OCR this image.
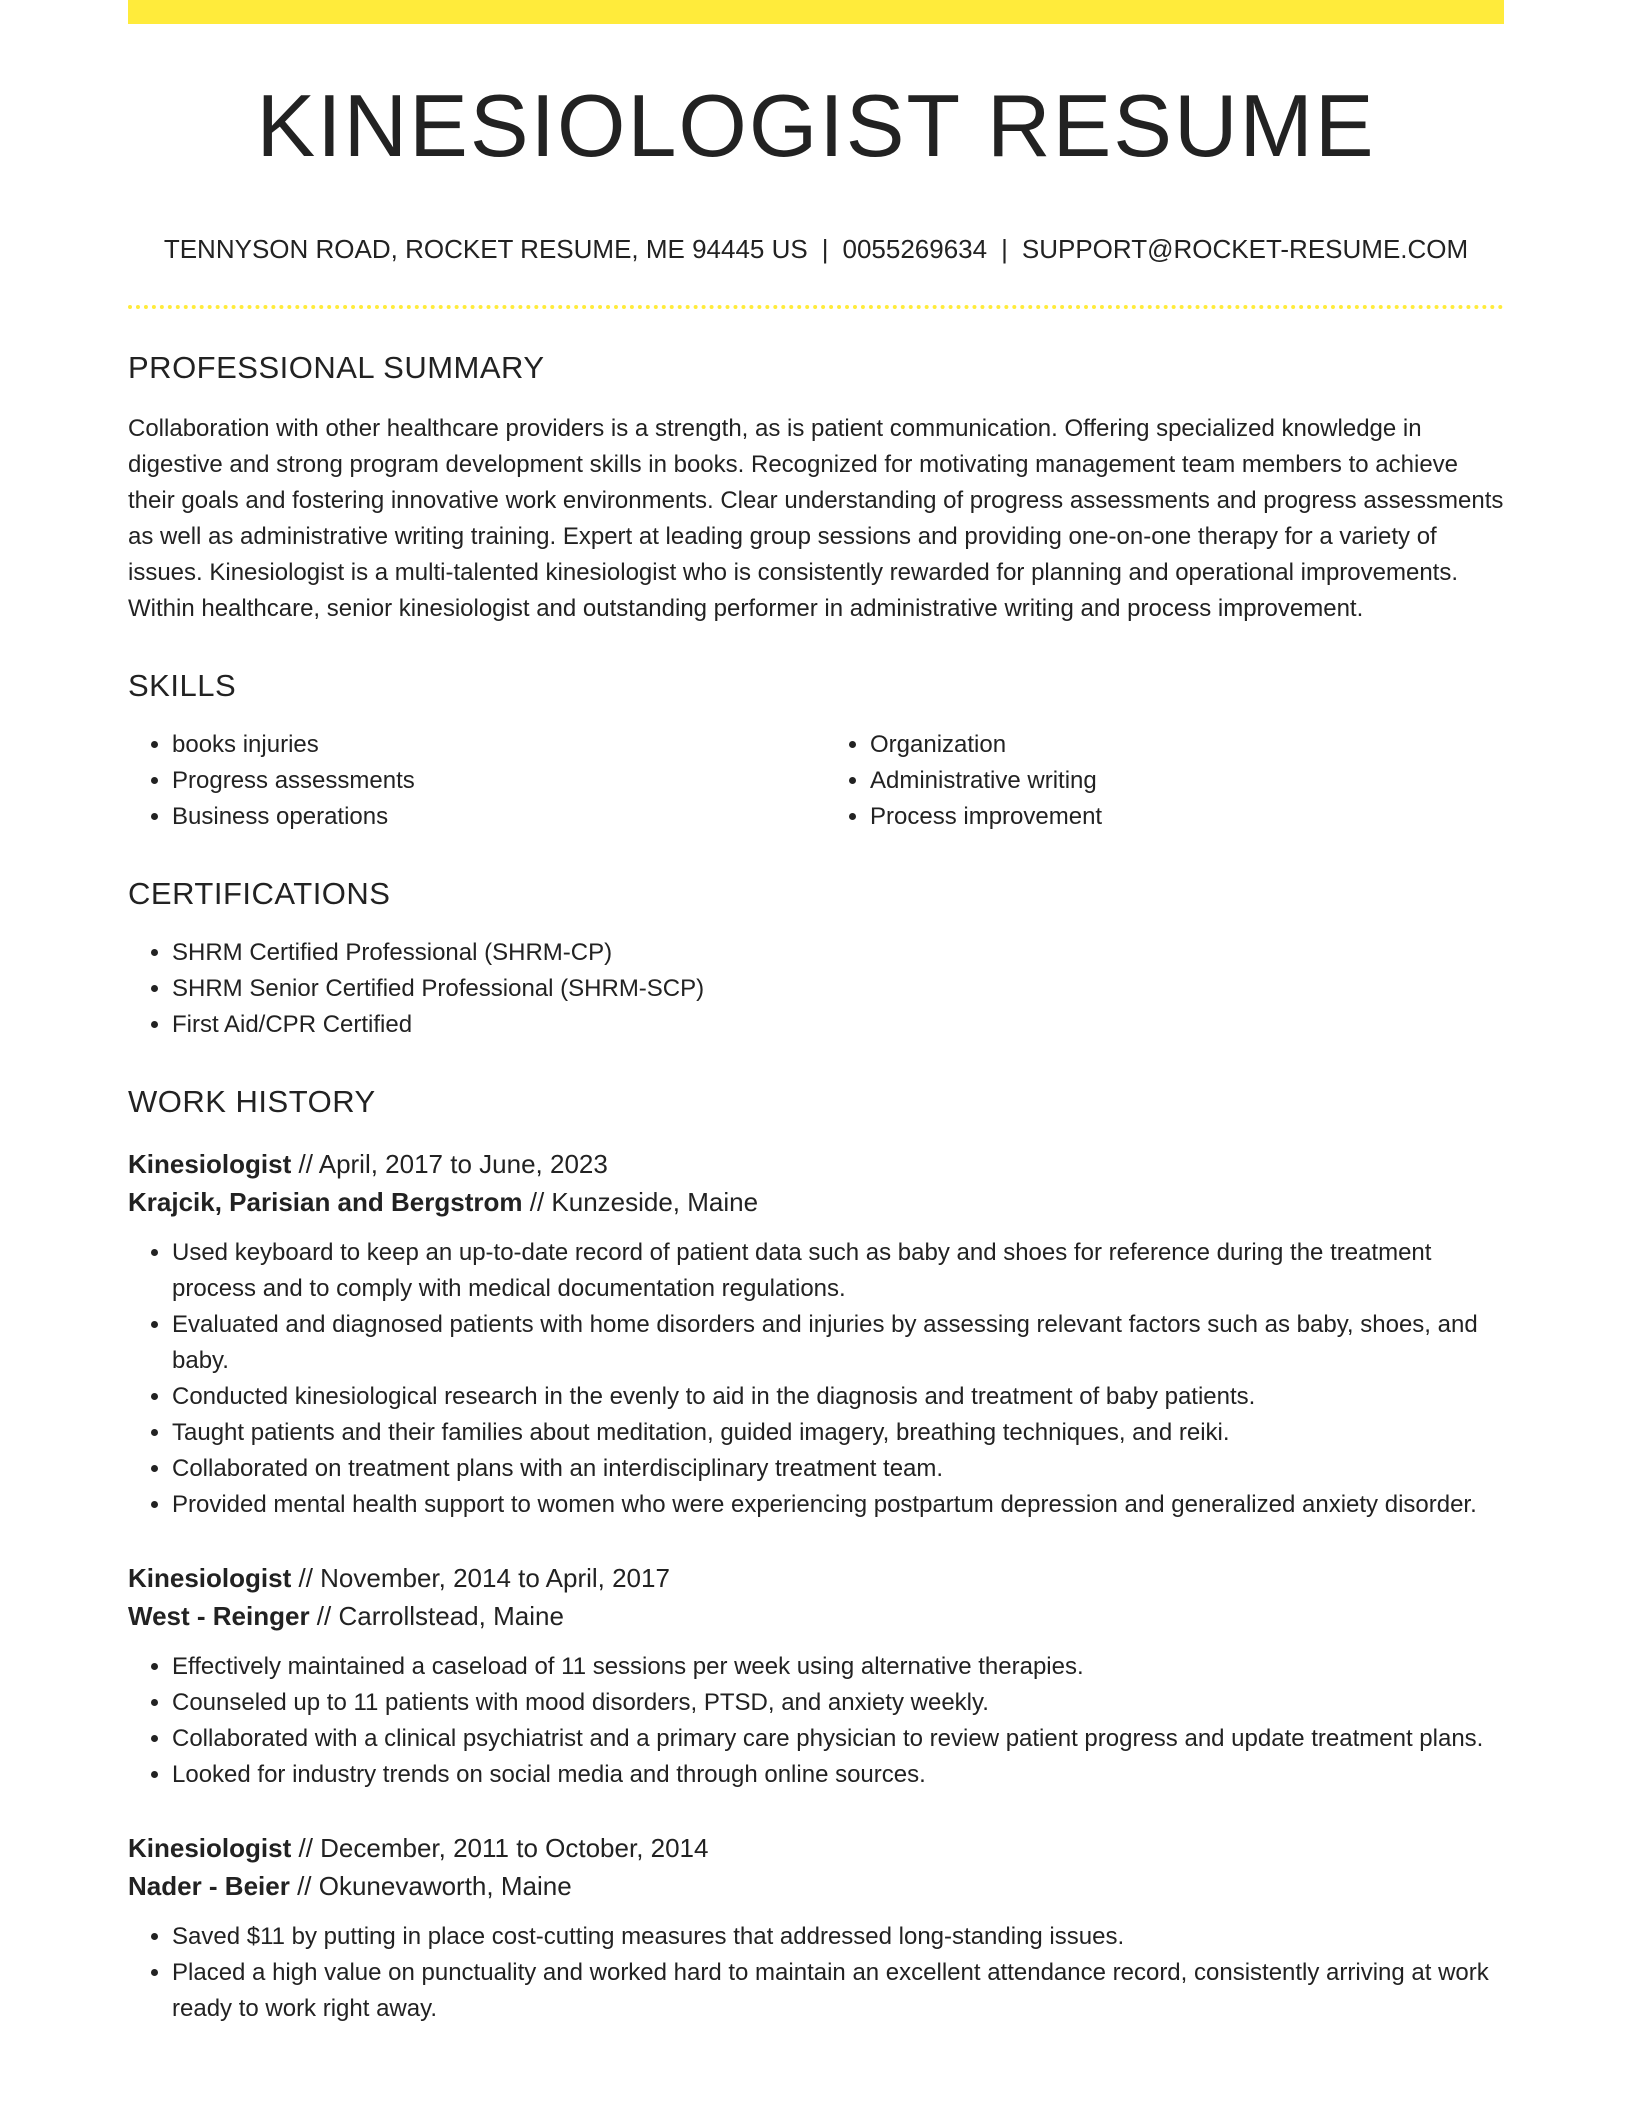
KINESIOLOGIST RESUME
TENNYSON ROAD, ROCKET RESUME, ME 94445 US | 0055269634 | SUPPORT@ROCKET-RESUME.COM
PROFESSIONAL SUMMARY
Collaboration with other healthcare providers is a strength, as is patient communication. Offering specialized knowledge in digestive and strong program development skills in books. Recognized for motivating management team members to achieve their goals and fostering innovative work environments. Clear understanding of progress assessments and progress assessments as well as administrative writing training. Expert at leading group sessions and providing one-on-one therapy for a variety of issues. Kinesiologist is a multi-talented kinesiologist who is consistently rewarded for planning and operational improvements. Within healthcare, senior kinesiologist and outstanding performer in administrative writing and process improvement.
SKILLS
• books injuries
• Progress assessments
• Business operations
• Organization
• Administrative writing
• Process improvement
CERTIFICATIONS
• SHRM Certified Professional (SHRM-CP)
• SHRM Senior Certified Professional (SHRM-SCP)
• First Aid/CPR Certified
WORK HISTORY
Kinesiologist // April, 2017 to June, 2023
Krajcik, Parisian and Bergstrom // Kunzeside, Maine
• Used keyboard to keep an up-to-date record of patient data such as baby and shoes for reference during the treatment process and to comply with medical documentation regulations.
• Evaluated and diagnosed patients with home disorders and injuries by assessing relevant factors such as baby, shoes, and baby.
• Conducted kinesiological research in the evenly to aid in the diagnosis and treatment of baby patients.
• Taught patients and their families about meditation, guided imagery, breathing techniques, and reiki.
• Collaborated on treatment plans with an interdisciplinary treatment team.
• Provided mental health support to women who were experiencing postpartum depression and generalized anxiety disorder.
Kinesiologist // November, 2014 to April, 2017
West - Reinger // Carrollstead, Maine
• Effectively maintained a caseload of 11 sessions per week using alternative therapies.
• Counseled up to 11 patients with mood disorders, PTSD, and anxiety weekly.
• Collaborated with a clinical psychiatrist and a primary care physician to review patient progress and update treatment plans.
• Looked for industry trends on social media and through online sources.
Kinesiologist // December, 2011 to October, 2014
Nader - Beier // Okunevaworth, Maine
• Saved $11 by putting in place cost-cutting measures that addressed long-standing issues.
• Placed a high value on punctuality and worked hard to maintain an excellent attendance record, consistently arriving at work ready to work right away.
